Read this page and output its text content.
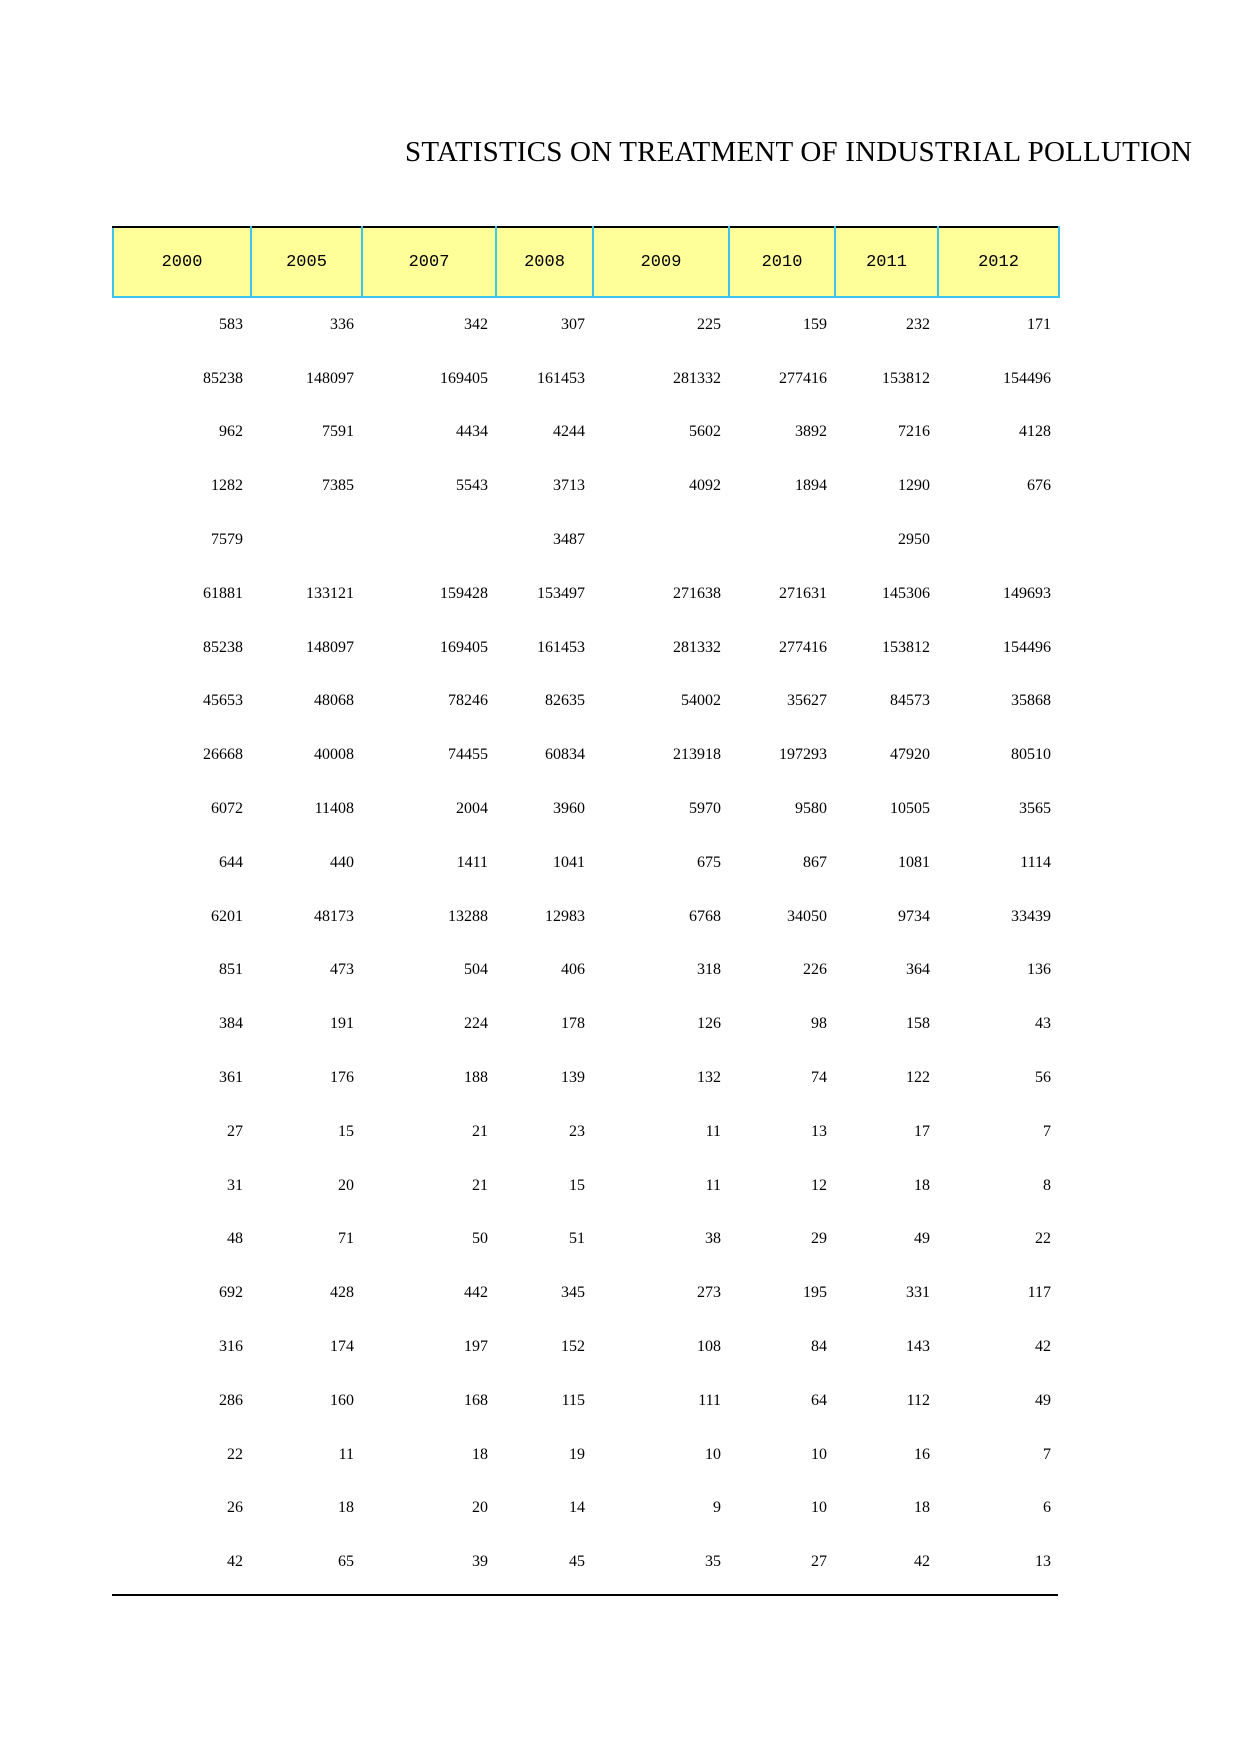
STATISTICS ON TREATMENT OF INDUSTRIAL POLLUTION
2000	2005	2007	2008	2009	2010	2011	2012
583	336	342	307	225	159	232	171
85238	148097	169405	161453	281332	277416	153812	154496
962	7591	4434	4244	5602	3892	7216	4128
1282	7385	5543	3713	4092	1894	1290	676
7579			3487			2950	
61881	133121	159428	153497	271638	271631	145306	149693
85238	148097	169405	161453	281332	277416	153812	154496
45653	48068	78246	82635	54002	35627	84573	35868
26668	40008	74455	60834	213918	197293	47920	80510
6072	11408	2004	3960	5970	9580	10505	3565
644	440	1411	1041	675	867	1081	1114
6201	48173	13288	12983	6768	34050	9734	33439
851	473	504	406	318	226	364	136
384	191	224	178	126	98	158	43
361	176	188	139	132	74	122	56
27	15	21	23	11	13	17	7
31	20	21	15	11	12	18	8
48	71	50	51	38	29	49	22
692	428	442	345	273	195	331	117
316	174	197	152	108	84	143	42
286	160	168	115	111	64	112	49
22	11	18	19	10	10	16	7
26	18	20	14	9	10	18	6
42	65	39	45	35	27	42	13
